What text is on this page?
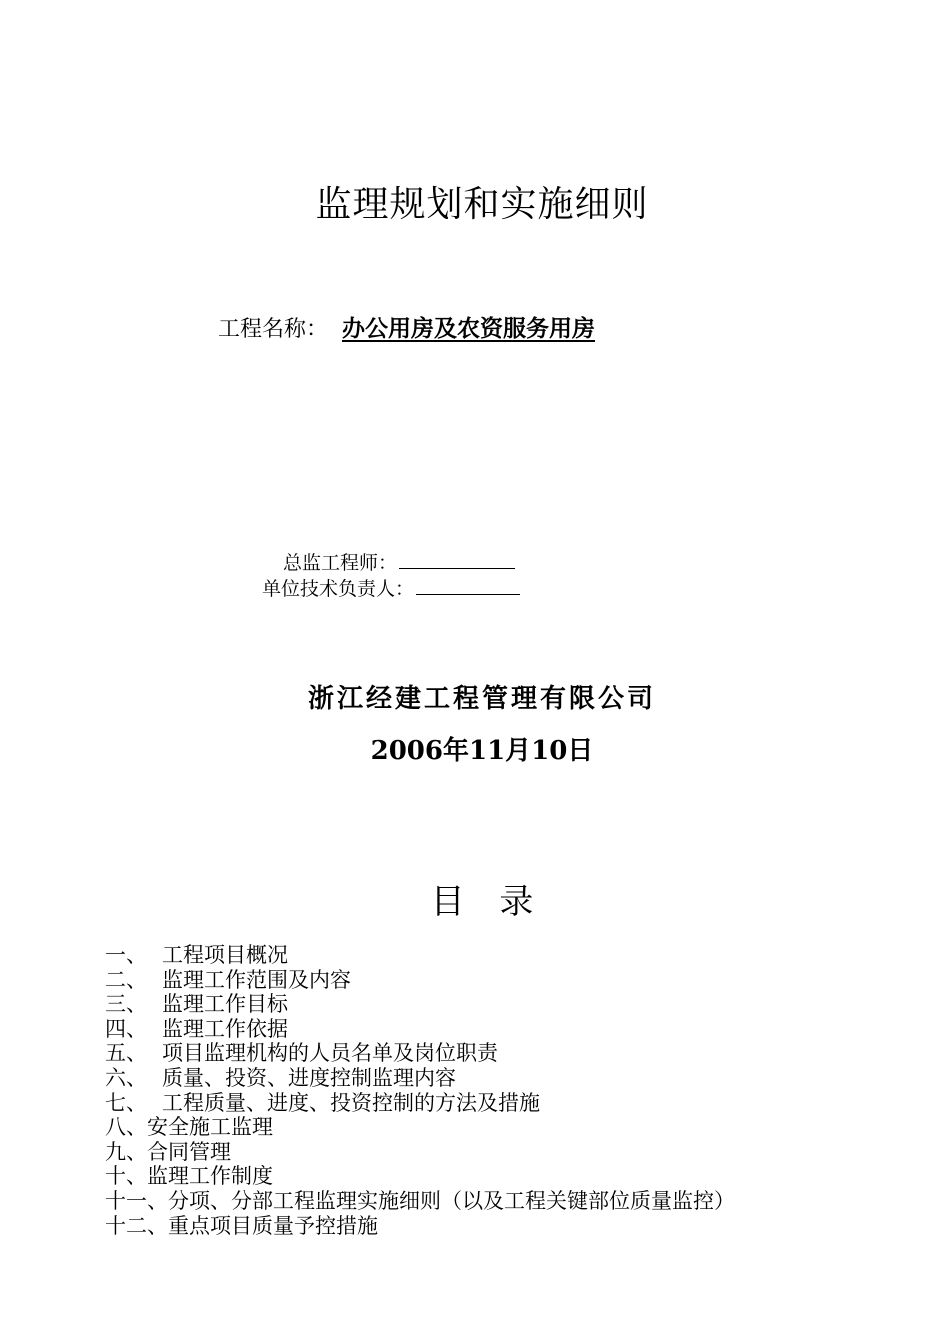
监理规划和实施细则
工程名称： 办公用房及农资服务用房
总监工程师：
单位技术负责人：
浙江经建工程管理有限公司
2006年11月10日
目 录
一、 工程项目概况
二、 监理工作范围及内容
三、 监理工作目标
四、 监理工作依据
五、 项目监理机构的人员名单及岗位职责
六、 质量、投资、进度控制监理内容
七、 工程质量、进度、投资控制的方法及措施
八、安全施工监理
九、合同管理
十、监理工作制度
十一、分项、分部工程监理实施细则（以及工程关键部位质量监控）
十二、重点项目质量予控措施
